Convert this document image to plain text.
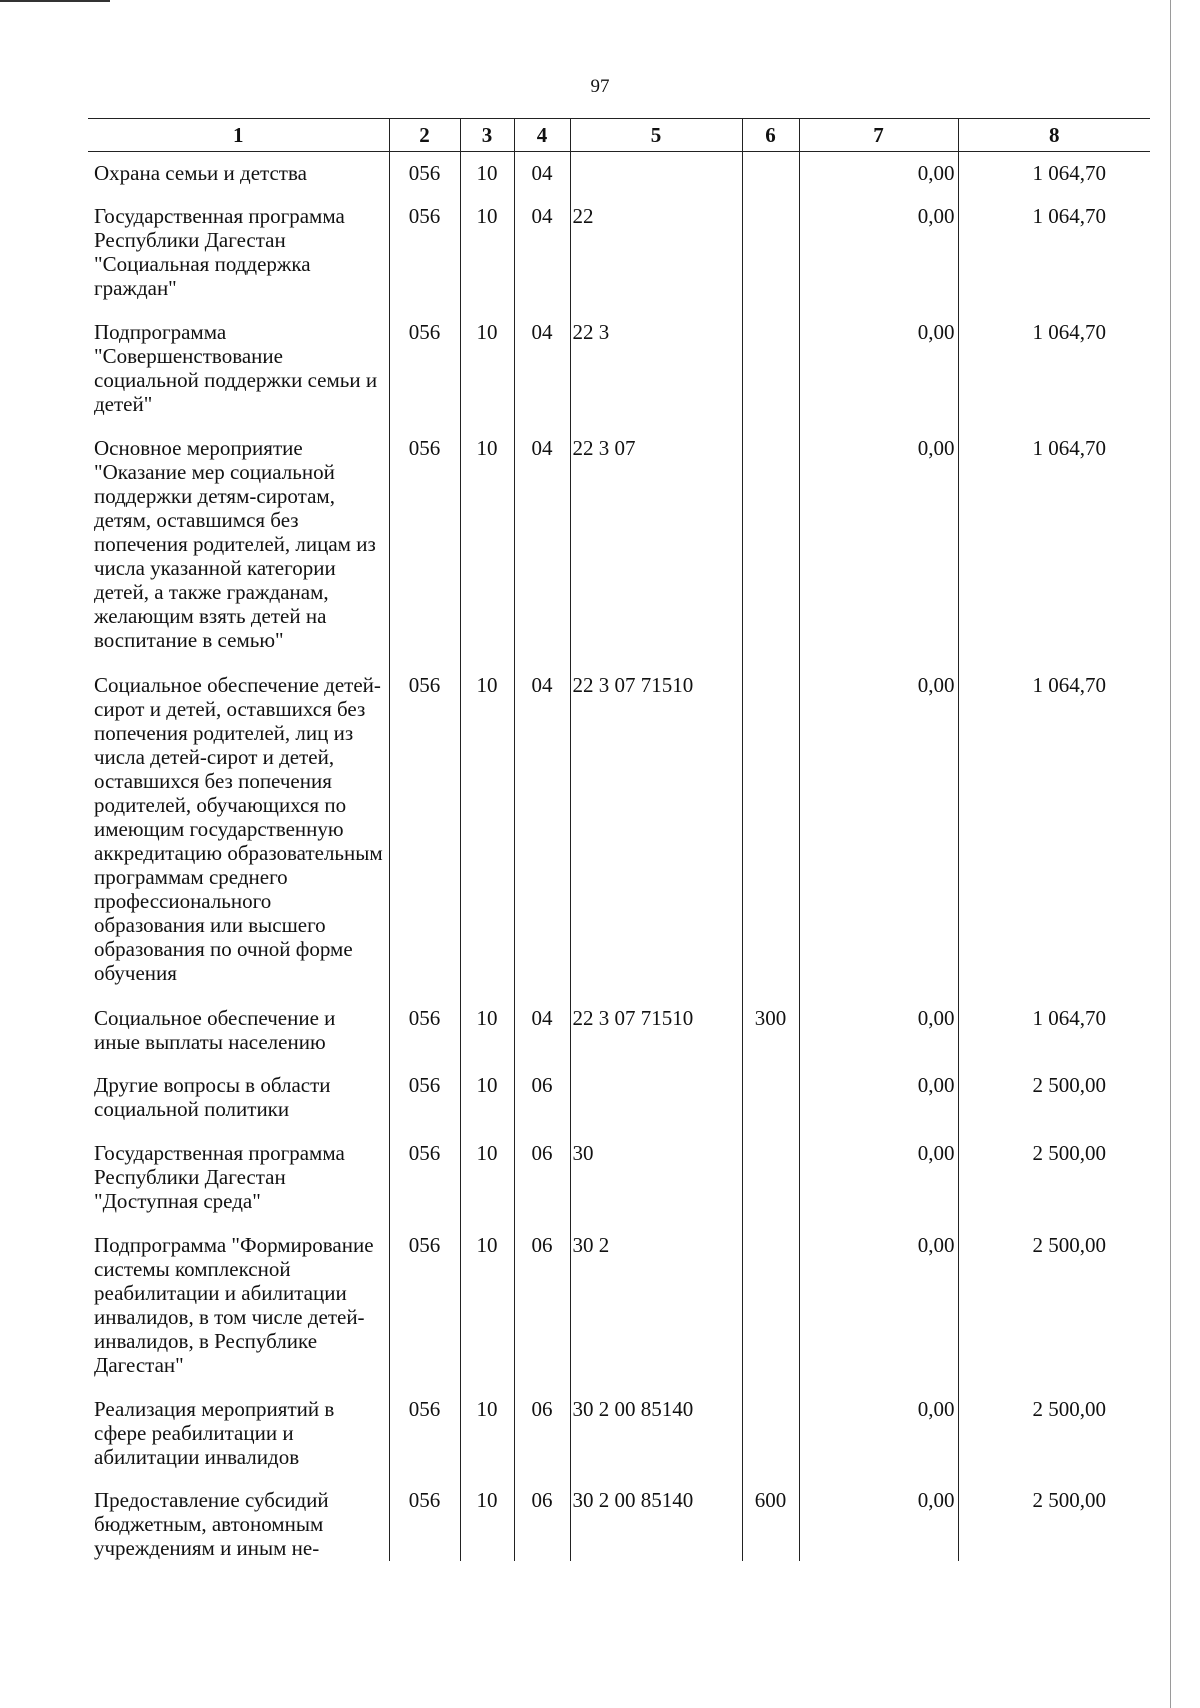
97
1	2	3	4	5	6	7	8
Охрана семьи и детства	056	10	04			0,00	1 064,70
Государственная программа Республики Дагестан "Социальная поддержка граждан"	056	10	04	22		0,00	1 064,70
Подпрограмма "Совершенствование социальной поддержки семьи и детей"	056	10	04	22 3		0,00	1 064,70
Основное мероприятие "Оказание мер социальной поддержки детям-сиротам, детям, оставшимся без попечения родителей, лицам из числа указанной категории детей, а также гражданам, желающим взять детей на воспитание в семью"	056	10	04	22 3 07		0,00	1 064,70
Социальное обеспечение детей-сирот и детей, оставшихся без попечения родителей, лиц из числа детей-сирот и детей, оставшихся без попечения родителей, обучающихся по имеющим государственную аккредитацию образовательным программам среднего профессионального образования или высшего образования по очной форме обучения	056	10	04	22 3 07 71510		0,00	1 064,70
Социальное обеспечение и иные выплаты населению	056	10	04	22 3 07 71510	300	0,00	1 064,70
Другие вопросы в области социальной политики	056	10	06			0,00	2 500,00
Государственная программа Республики Дагестан "Доступная среда"	056	10	06	30		0,00	2 500,00
Подпрограмма "Формирование системы комплексной реабилитации и абилитации инвалидов, в том числе детей-инвалидов, в Республике Дагестан"	056	10	06	30 2		0,00	2 500,00
Реализация мероприятий в сфере реабилитации и абилитации инвалидов	056	10	06	30 2 00 85140		0,00	2 500,00
Предоставление субсидий бюджетным, автономным учреждениям и иным не-	056	10	06	30 2 00 85140	600	0,00	2 500,00
